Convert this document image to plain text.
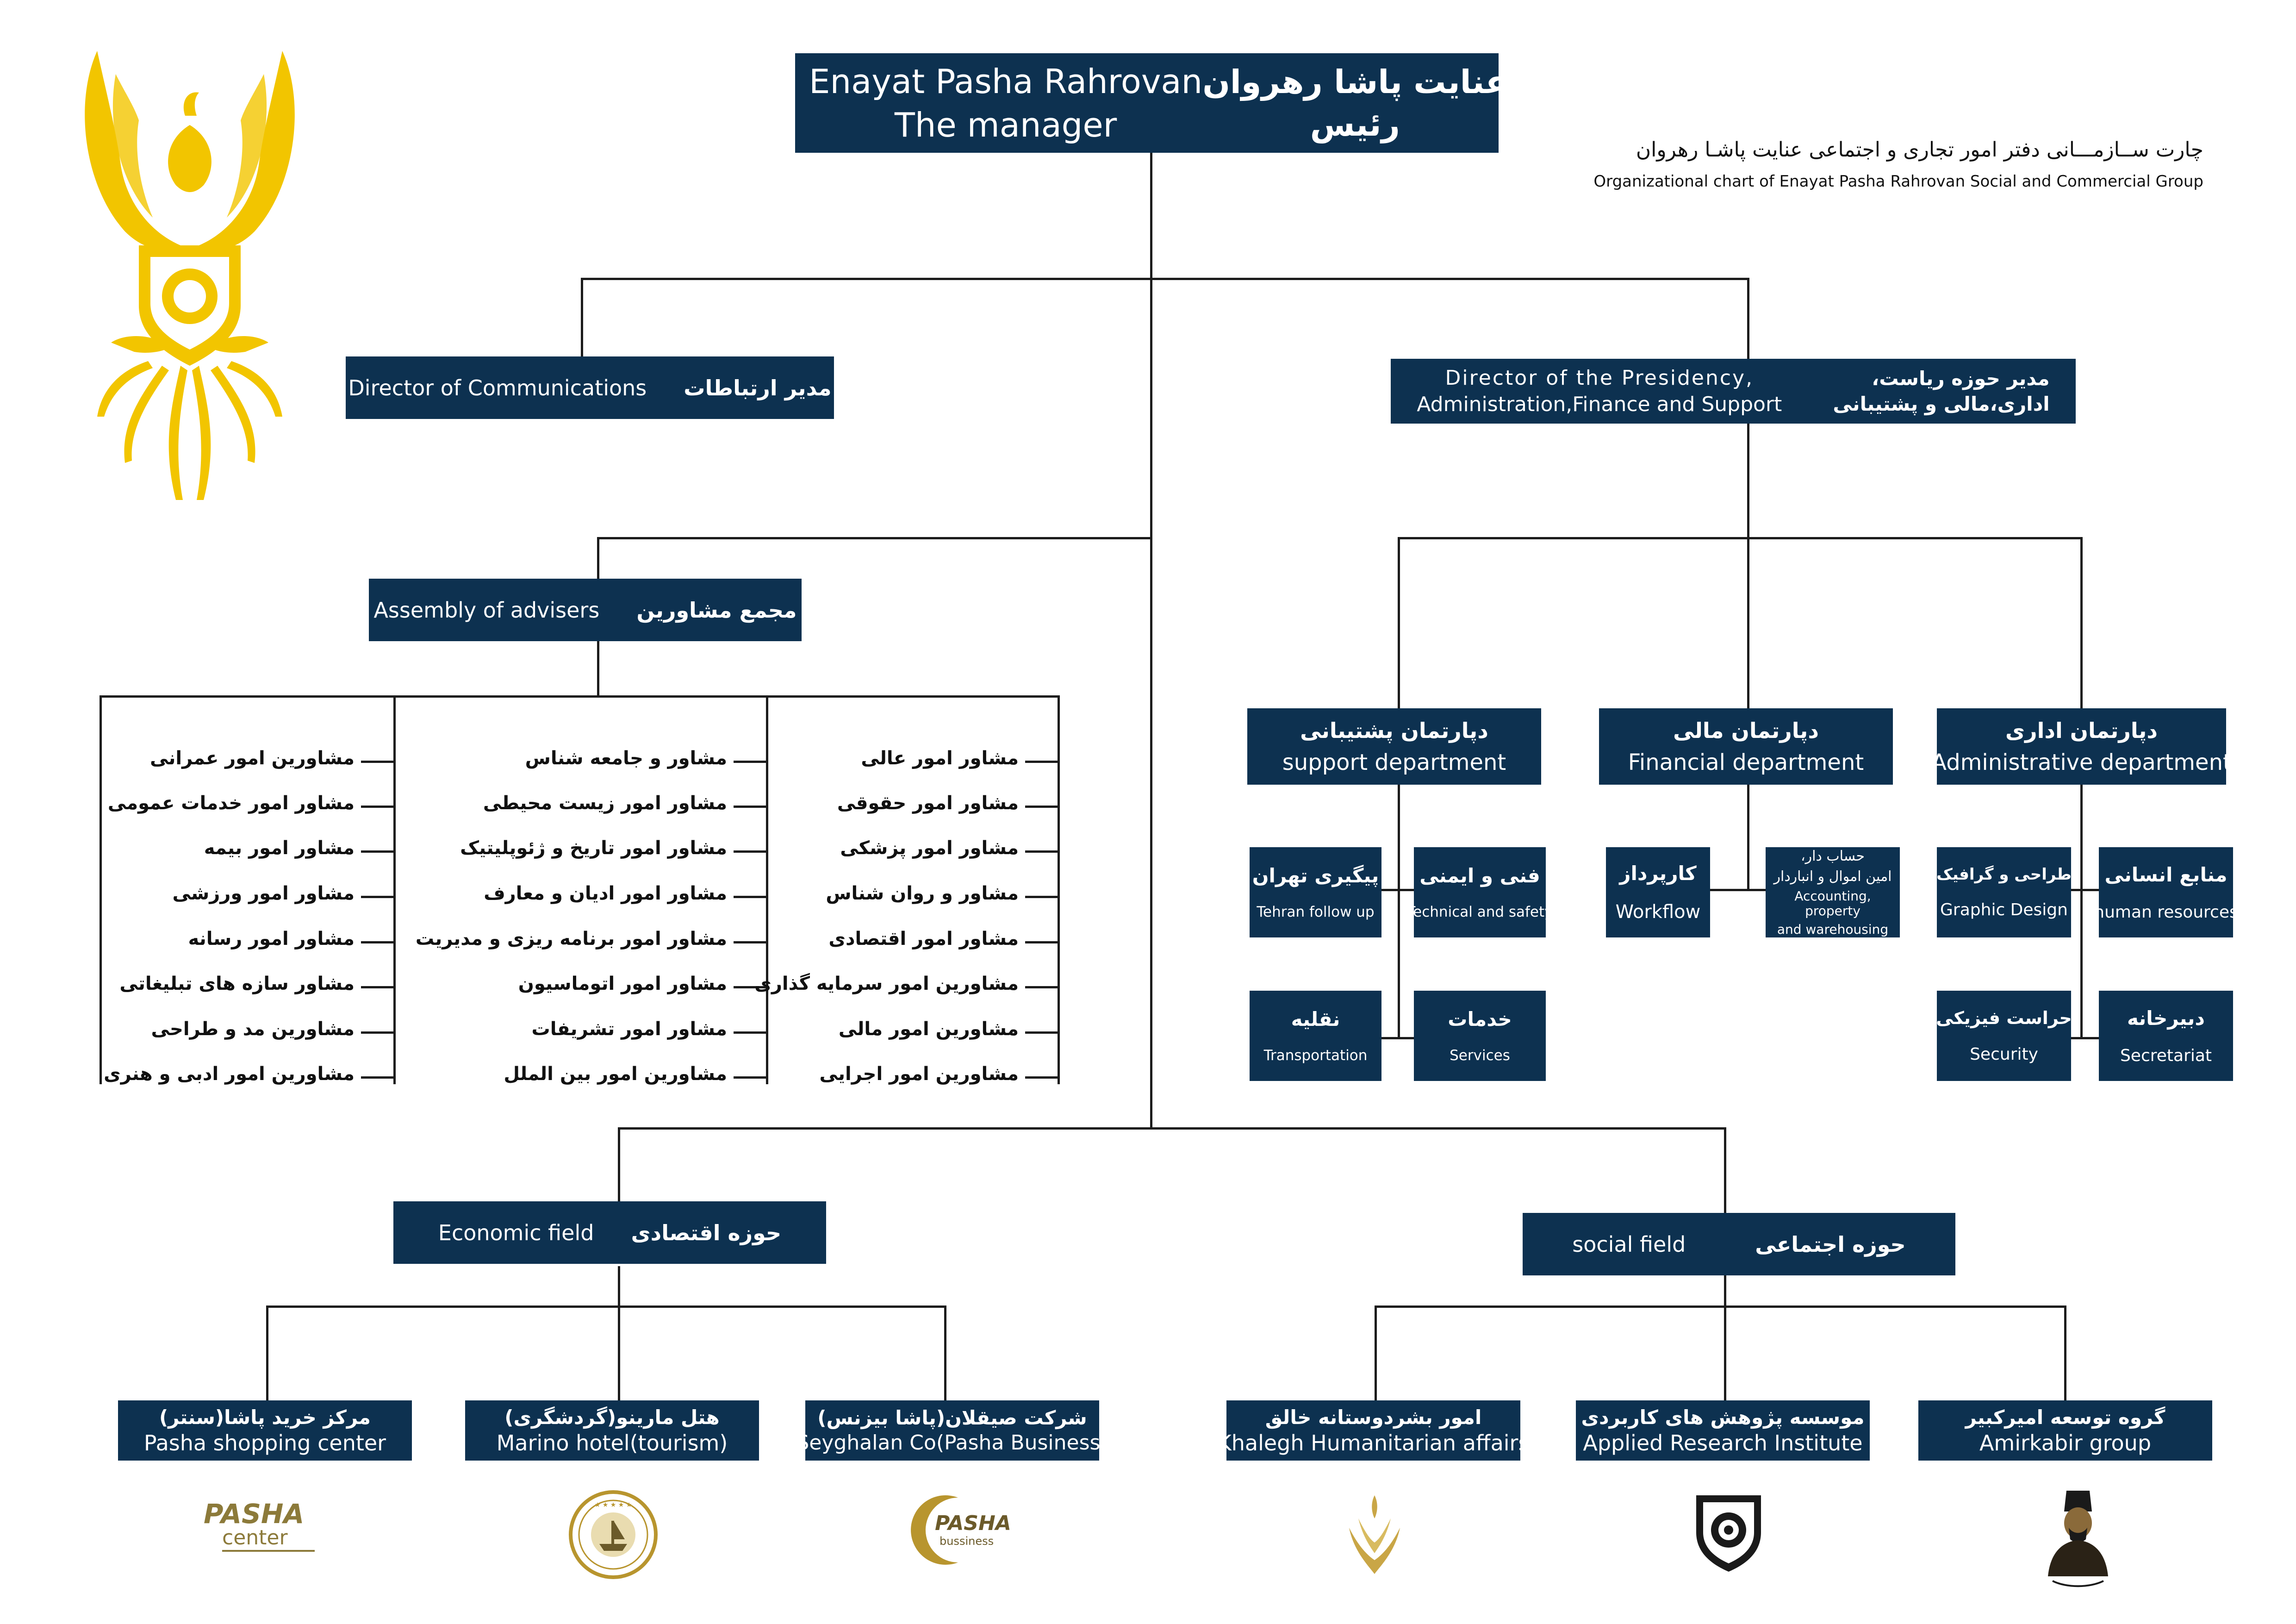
چارت ســازمـــانی دفتر امور تجاری و اجتماعی عنایت پاشـا رهروان
Organizational chart of Enayat Pasha Rahrovan Social and Commercial Group
Enayat Pasha Rahrovan
The manager
عنایت پاشا رهروان
رئیس
Director of Communications مدیر ارتباطات	Director of the Presidency,
Administration,Finance and Support
مدیر حوزه ریاست،
اداری،مالی و پشتیبانی
Assembly of advisers مجمع مشاورین
مشاورین امور عمرانی
مشاور امور خدمات عمومی
مشاور امور بیمه
مشاور امور ورزشی
مشاور امور رسانه
مشاور سازه های تبلیغاتی
مشاورین مد و طراحی
مشاورین امور ادبی و هنری
مشاور و جامعه شناس
مشاور امور زیست محیطی
مشاور امور تاریخ و ژئوپلیتیک
مشاور امور ادیان و معارف
مشاور امور برنامه ریزی و مدیریت
مشاور امور اتوماسیون
مشاور امور تشریفات
مشاورین امور بین الملل
مشاور امور عالی
مشاور امور حقوقی
مشاور امور پزشکی
مشاور و روان شناس
مشاور امور اقتصادی
مشاورین امور سرمایه گذاری
مشاورین امور مالی
مشاورین امور اجرایی
دپارتمان پشتیبانی
support department
دپارتمان مالی
Financial department
دپارتمان اداری
Administrative department
پیگیری تهران
Tehran follow up
فنی و ایمنی
Technical and safety
نقلیه
Transportation
خدمات
Services
کارپرداز
Workflow
حساب دار،
امین اموال و انباردار
Accounting, property
and warehousing
طراحی و گرافیک
Graphic Design
منابع انسانی
human resources
حراست فیزیکی
Security
دبیرخانه
Secretariat
Economic field حوزه اقتصادی	social field	حوزه اجتماعی
مرکز خرید پاشا(سنتر)
Pasha shopping center
هتل مارینو(گردشگری)
Marino hotel(tourism)
شرکت صیقلان(پاشا بیزنس)
Seyghalan Co(Pasha Business)
امور بشردوستانه خالق
Khalegh Humanitarian affairs
موسسه پژوهش های کاربردی
Applied Research Institute
گروه توسعه امیرکبیر
Amirkabir group
PASHA
center
★ ★ ★ ★ ★
PASHA
bussiness
